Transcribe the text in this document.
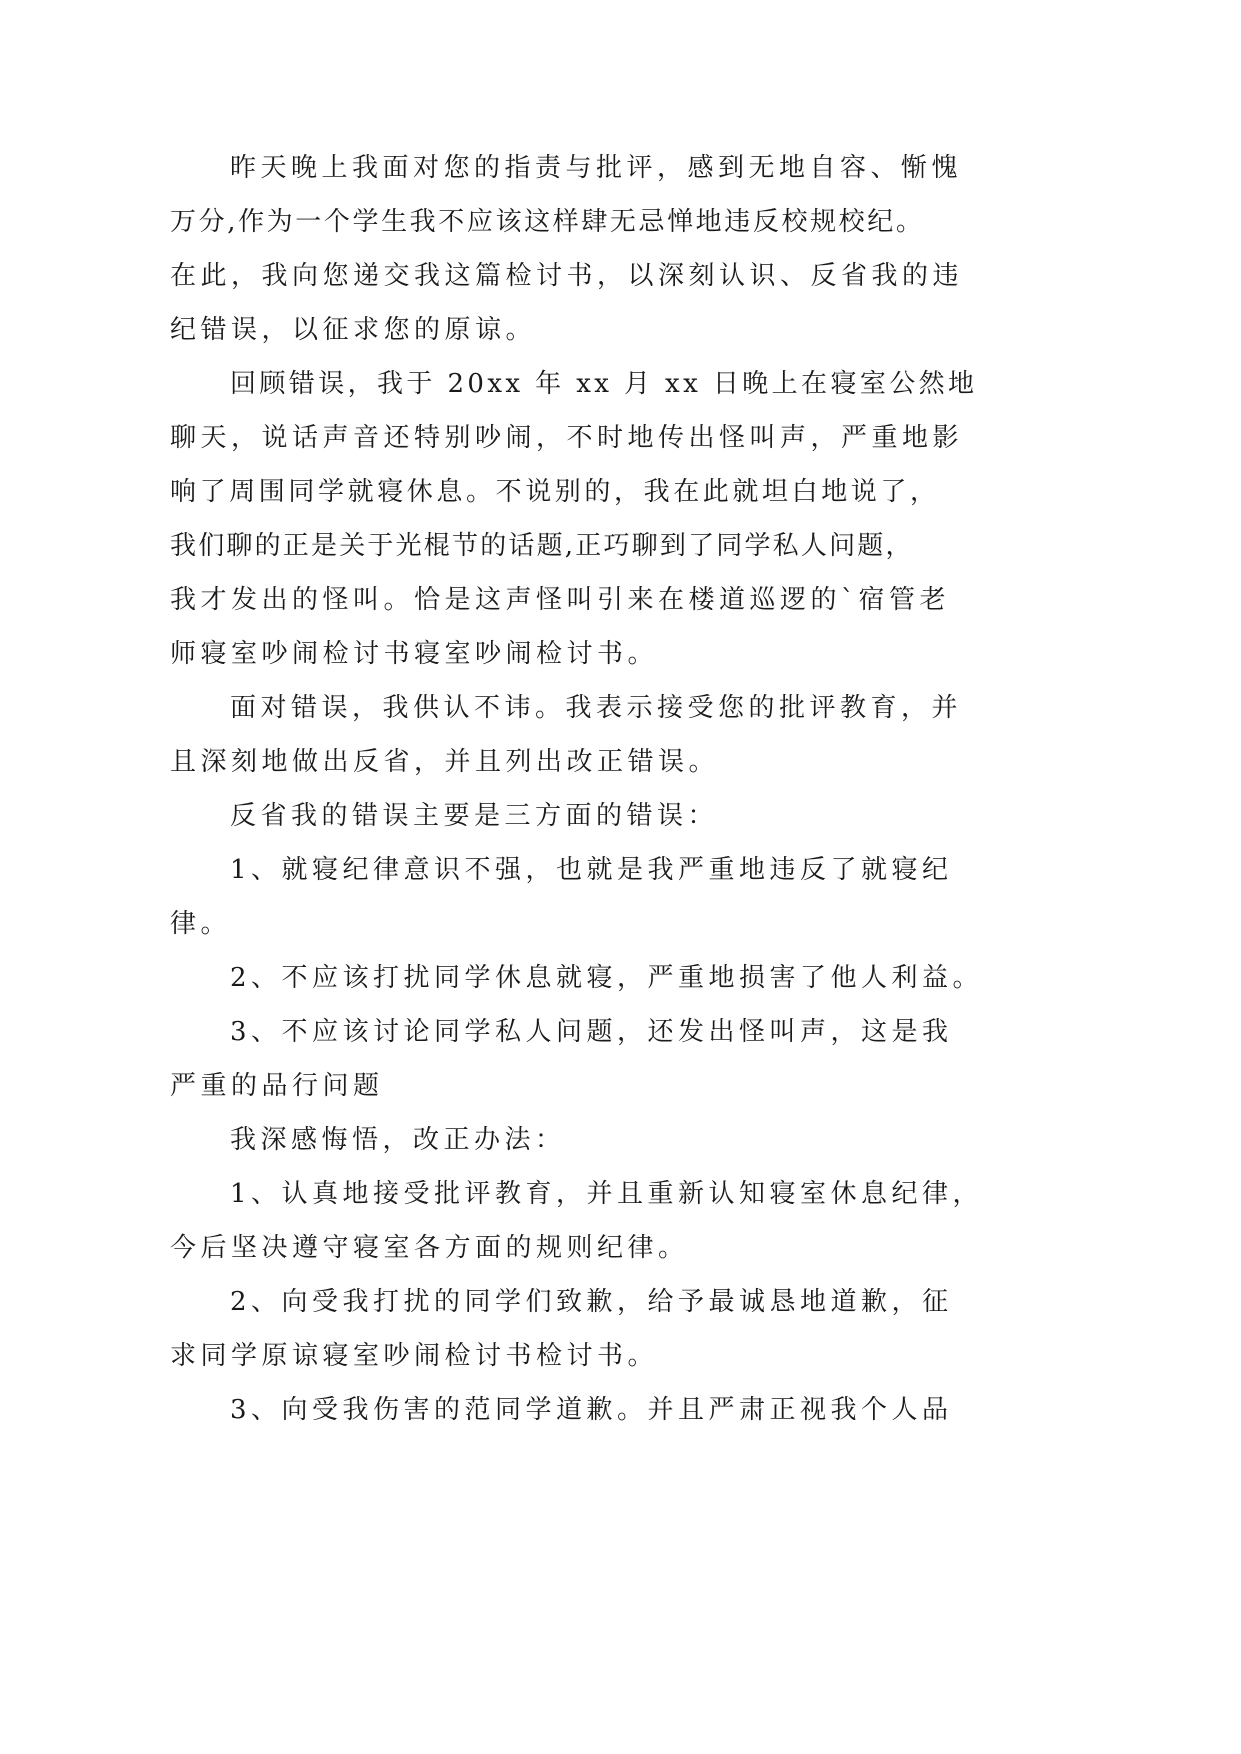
昨天晚上我面对您的指责与批评，感到无地自容、惭愧

万分,作为一个学生我不应该这样肆无忌惮地违反校规校纪。

在此，我向您递交我这篇检讨书，以深刻认识、反省我的违

纪错误，以征求您的原谅。

回顾错误，我于 20xx 年 xx 月 xx 日晚上在寝室公然地

聊天，说话声音还特别吵闹，不时地传出怪叫声，严重地影

响了周围同学就寝休息。不说别的，我在此就坦白地说了，

我们聊的正是关于光棍节的话题,正巧聊到了同学私人问题，

我才发出的怪叫。恰是这声怪叫引来在楼道巡逻的`宿管老

师寝室吵闹检讨书寝室吵闹检讨书。

面对错误，我供认不讳。我表示接受您的批评教育，并

且深刻地做出反省，并且列出改正错误。

反省我的错误主要是三方面的错误：

1、就寝纪律意识不强，也就是我严重地违反了就寝纪

律。

2、不应该打扰同学休息就寝，严重地损害了他人利益。

3、不应该讨论同学私人问题，还发出怪叫声，这是我

严重的品行问题

我深感悔悟，改正办法：

1、认真地接受批评教育，并且重新认知寝室休息纪律，

今后坚决遵守寝室各方面的规则纪律。

2、向受我打扰的同学们致歉，给予最诚恳地道歉，征

求同学原谅寝室吵闹检讨书检讨书。

3、向受我伤害的范同学道歉。并且严肃正视我个人品
